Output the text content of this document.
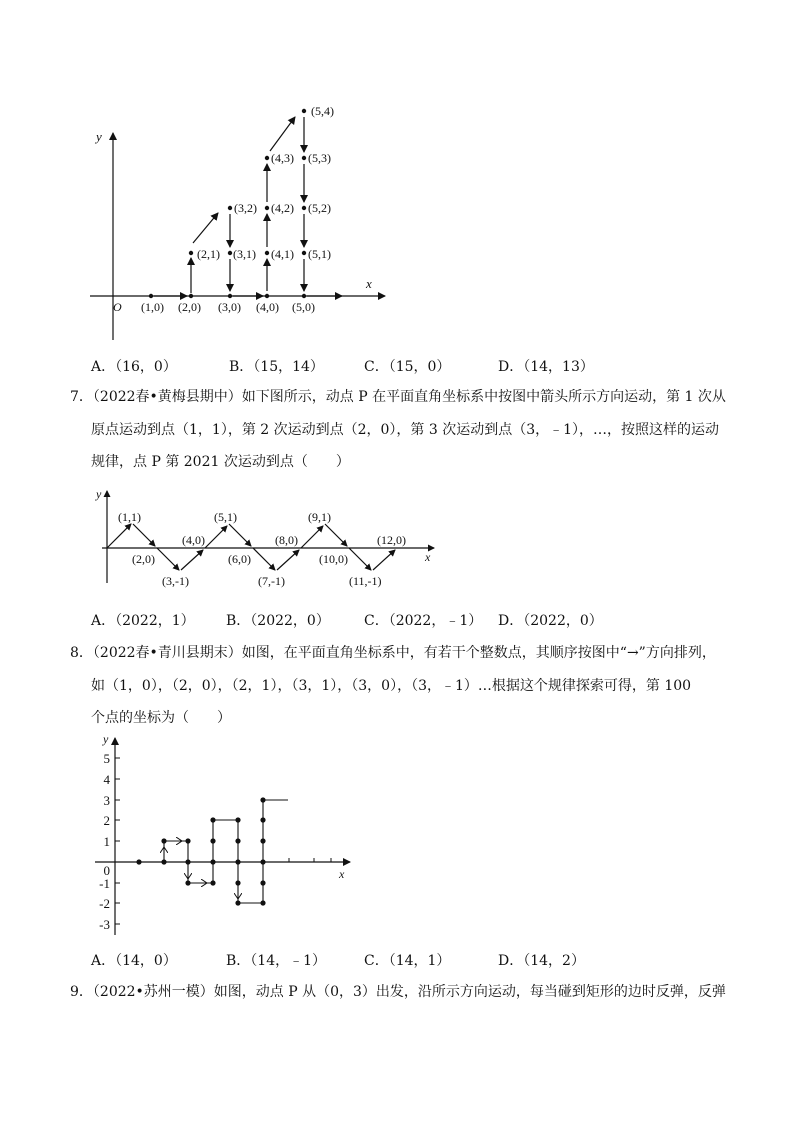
x
y
O (1,0) (2,0) (3,0) (4,0) (5,0)
(2,1) (3,1) (4,1) (5,1)
(3,2) (4,2) (5,2)
(4,3) (5,3)
(5,4)
A．（16，0）	B．（15，14）	C．（15，0）	D．（14，13）
7．（2022春•黄梅县期中）如下图所示，动点 P 在平面直角坐标系中按图中箭头所示方向运动，第 1 次从
原点运动到点（1，1），第 2 次运动到点（2，0），第 3 次运动到点（3，﹣1），…，按照这样的运动
规律，点 P 第 2021 次运动到点（　　）
x
y
(1,1)
(2,0)
(3,-1)
(4,0)
(5,1)
(6,0)
(7,-1)
(8,0)
(9,1)
(10,0)
(11,-1)
(12,0)
A．（2022，1） B．（2022，0） C．（2022，﹣1） D．（2022，0）
8．（2022春•青川县期末）如图，在平面直角坐标系中，有若干个整数点，其顺序按图中“→”方向排列，
如（1，0），（2，0），（2，1），（3，1），（3，0），（3，﹣1）…根据这个规律探索可得，第 100
个点的坐标为（　　）
x
y
5
4
3
2
1
0
-1
-2
-3
A．（14，0）	B．（14，﹣1）	C．（14，1）	D．（14，2）
9．（2022•苏州一模）如图，动点 P 从（0，3）出发，沿所示方向运动，每当碰到矩形的边时反弹，反弹
